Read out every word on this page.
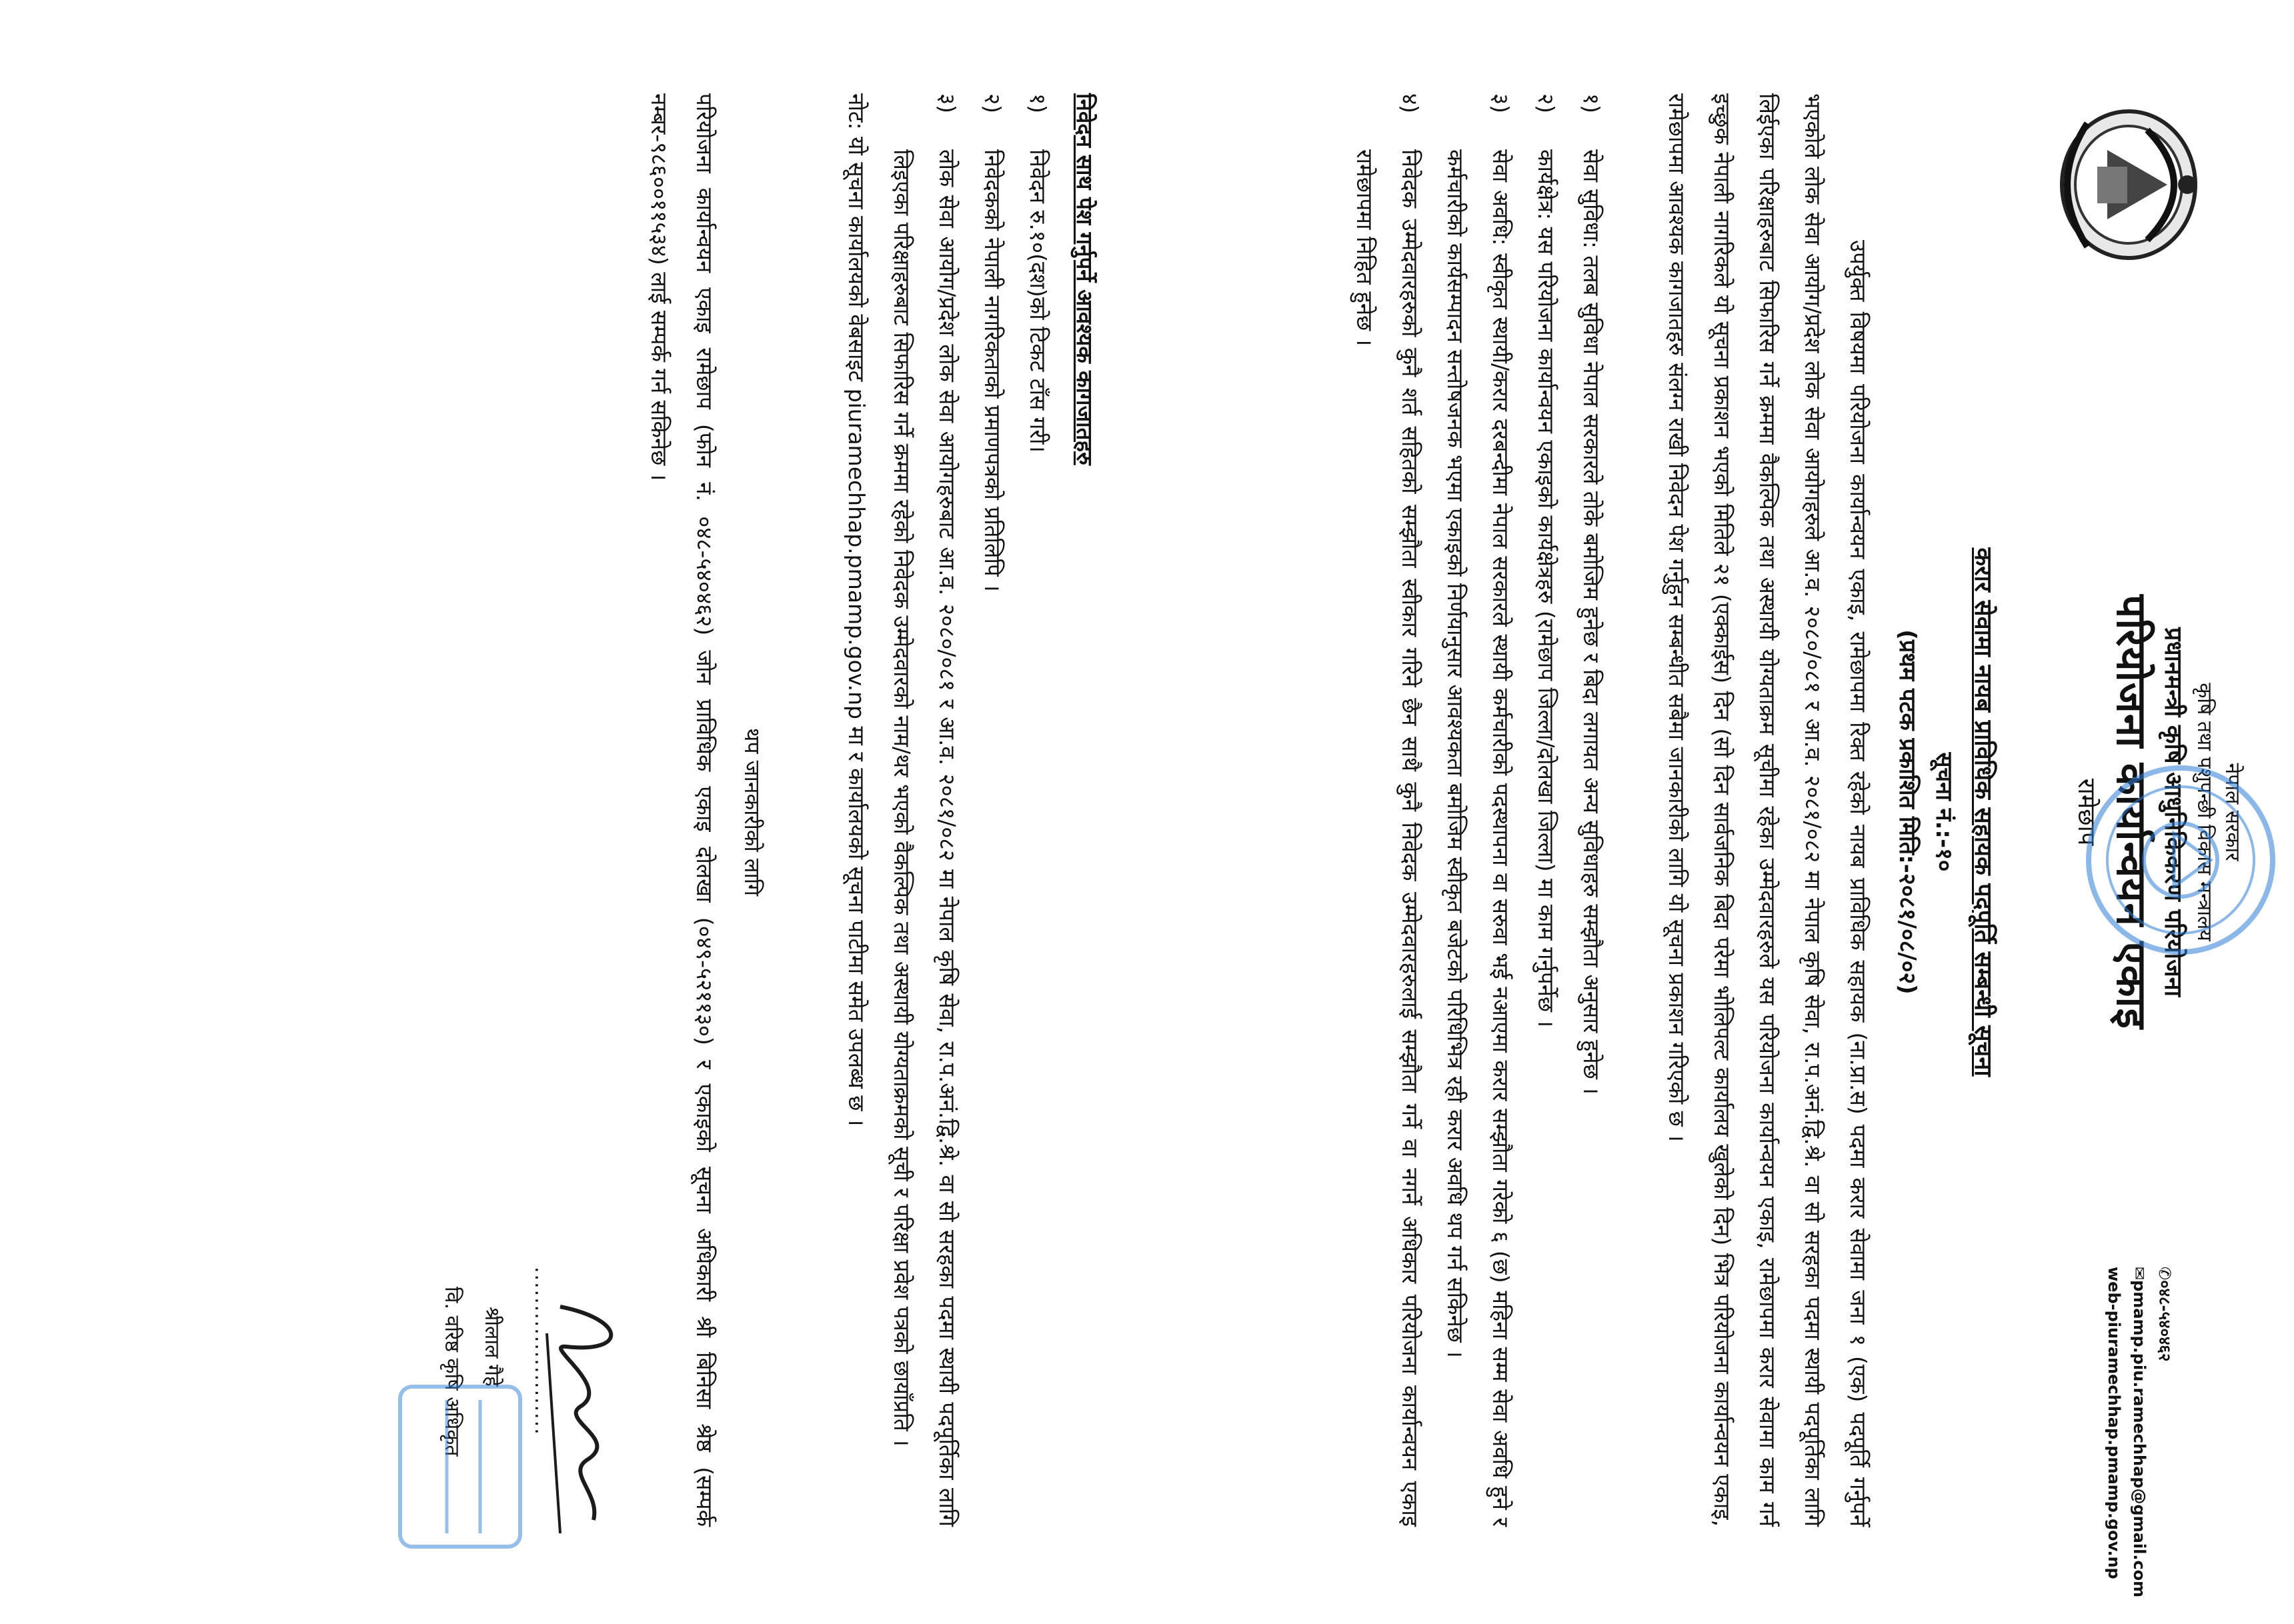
नेपाल सरकार
कृषि तथा पशुपन्छी विकास मन्त्रालय
प्रधानमन्त्री कृषि आधुनिकिकरण परियोजना
परियोजना कार्यान्वयन एकाइ
रामेछाप
✆०४८-५४०४६२
✉pmamp.piu.ramechhap@gmail.com
web-piuramechhap.pmamp.gov.np
करार सेवामा नायब प्राविधिक सहायक पदपूर्ति सम्बन्धी सूचना
सूचना नं.:-१०
(प्रथम पटक प्रकाशित मिति:-२०८१/०८/०२)
उपर्युक्त विषयमा परियोजना कार्यान्वयन एकाइ, रामेछापमा रिक्त रहेको नायब प्राविधिक सहायक (ना.प्रा.स) पदमा करार सेवामा जना १ (एक) पदपूर्ति गर्नुपर्ने भएकोले लोक सेवा आयोग/प्रदेश लोक सेवा आयोगहरुले आ.व. २०८०/०८१ र आ.व. २०८१/०८२ मा नेपाल कृषि सेवा, रा.प.अनं.द्वि.श्रे. वा सो सरहका पदमा स्थायी पदपूर्तिका लागि लिईएका परिक्षाहरुबाट सिफारिस गर्ने क्रममा वैकल्पिक तथा अस्थायी योग्यताक्रम सूचीमा रहेका उम्मेदवारहरुले यस परियोजना कार्यान्वयन एकाइ, रामेछापमा करार सेवामा काम गर्न इच्छुक नेपाली नागरिकले यो सूचना प्रकाशन भएको मितिले २१ (एक्काईस) दिन (सो दिन सार्वजनिक बिदा परेमा भोलिपल्ट कार्यालय खुलेको दिन) भित्र परियोजना कार्यान्वयन एकाइ, रामेछापमा आवश्यक कागजातहरु संलग्न राखी निवेदन पेश गर्नुहुन सम्बन्धीत सबैमा जानकारीको लागि यो सूचना प्रकाशन गरिएको छ ।
१)
सेवा सुविधा: तलब सुविधा नेपाल सरकारले तोके बमोजिम हुनेछ र बिदा लगायत अन्य सुविधाहरु सम्झौता अनुसार हुनेछ ।
२)
कार्यक्षेत्र: यस परियोजना कार्यान्वयन एकाइको कार्यक्षेत्रहरु (रामेछाप जिल्ला/दोलखा जिल्ला) मा काम गर्नुपर्नेछ ।
३)
सेवा अवधि: स्वीकृत स्थायी/करार दरबन्दीमा नेपाल सरकारले स्थायी कर्मचारीको पदस्थापना वा सरुवा भई नआएमा करार सम्झौता गरेको ६ (छ) महिना सम्म सेवा अवधि हुने र कर्मचारीको कार्यसम्पादन सन्तोषजनक भएमा एकाइको निर्णयानुसार आवश्यकता बमोजिम स्वीकृत बजेटको परिधिभित्र रही करार अवधि थप गर्न सकिनेछ ।
४)
निवेदक उम्मेदवारहरुको कुनै शर्त सहितको सम्झौता स्वीकार गरिने छैन साथै कुनै निवेदक उम्मेदवारहरुलाई सम्झौता गर्ने वा नगर्ने अधिकार परियोजना कार्यान्वयन एकाइ रामेछापमा निहित हुनेछ ।
निवेदन साथ पेश गर्नुपर्ने आवश्यक कागजातहरु
१)
निवेदन रु.१०(दश)को टिकट टाँस गरी।
२)
निवेदकको नेपाली नागरिकताको प्रमाणपत्रको प्रतिलिपि ।
३)
लोक सेवा आयोग/प्रदेश लोक सेवा आयोगहरुबाट आ.व. २०८०/०८१ र आ.व. २०८१/०८२ मा नेपाल कृषि सेवा, रा.प.अनं.द्वि.श्रे. वा सो सरहका पदमा स्थायी पदपूर्तिका लागि लिइएका परिक्षाहरुबाट सिफारिस गर्ने क्रममा रहेको निवेदक उम्मेदवारको नाम/थर भएको वैकल्पिक तथा अस्थायी योग्यताक्रमको सूची र परिक्षा प्रवेश पत्रको छायाँप्रति ।
नोट: यो सूचना कार्यालयको वेबसाइट piuramechhap.pmamp.gov.np मा र कार्यालयको सूचना पाटीमा समेत उपलब्ध छ ।
थप जानकारीको लागि
परियोजना कार्यान्वयन एकाइ रामेछाप (फोन नं. ०४८-५४०४६२) जोन प्राविधिक एकाइ दोलखा (०४९-५२११३०) र एकाइको सूचना अधिकारी श्री बिनिसा श्रेष्ठ (सम्पर्क नम्बर-९८६००११५३४) लाई सम्पर्क गर्न सकिनेछ ।
......................
श्रीलाल गैहे
वि. वरिष्ठ कृषि अधिकृत
